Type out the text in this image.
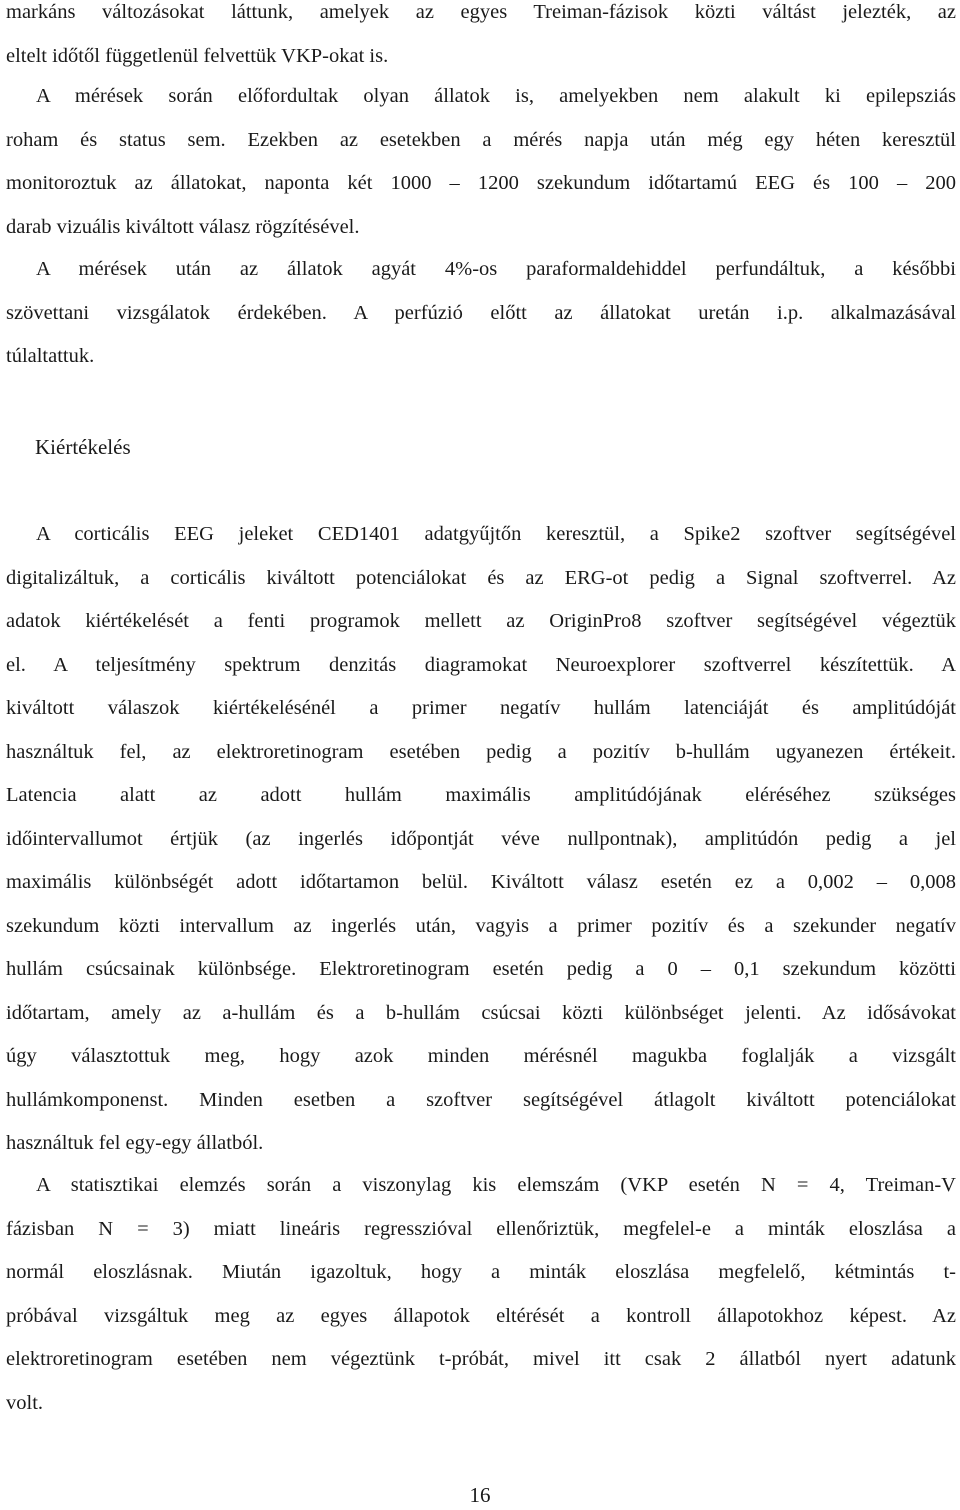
markáns változásokat láttunk, amelyek az egyes Treiman-fázisok közti váltást jelezték, az
eltelt időtől függetlenül felvettük VKP-okat is.

A mérések során előfordultak olyan állatok is, amelyekben nem alakult ki epilepsziás
roham és status sem. Ezekben az esetekben a mérés napja után még egy héten keresztül
monitoroztuk az állatokat, naponta két 1000 – 1200 szekundum időtartamú EEG és 100 – 200
darab vizuális kiváltott válasz rögzítésével.

A mérések után az állatok agyát 4%-os paraformaldehiddel perfundáltuk, a későbbi
szövettani vizsgálatok érdekében. A perfúzió előtt az állatokat uretán i.p. alkalmazásával
túlaltattuk.

Kiértékelés

A corticális EEG jeleket CED1401 adatgyűjtőn keresztül, a Spike2 szoftver segítségével
digitalizáltuk, a corticális kiváltott potenciálokat és az ERG-ot pedig a Signal szoftverrel. Az
adatok kiértékelését a fenti programok mellett az OriginPro8 szoftver segítségével végeztük
el. A teljesítmény spektrum denzitás diagramokat Neuroexplorer szoftverrel készítettük. A
kiváltott válaszok kiértékelésénél a primer negatív hullám latenciáját és amplitúdóját
használtuk fel, az elektroretinogram esetében pedig a pozitív b-hullám ugyanezen értékeit.
Latencia alatt az adott hullám maximális amplitúdójának eléréséhez szükséges
időintervallumot értjük (az ingerlés időpontját véve nullpontnak), amplitúdón pedig a jel
maximális különbségét adott időtartamon belül. Kiváltott válasz esetén ez a 0,002 – 0,008
szekundum közti intervallum az ingerlés után, vagyis a primer pozitív és a szekunder negatív
hullám csúcsainak különbsége. Elektroretinogram esetén pedig a 0 – 0,1 szekundum közötti
időtartam, amely az a-hullám és a b-hullám csúcsai közti különbséget jelenti. Az idősávokat
úgy választottuk meg, hogy azok minden mérésnél magukba foglalják a vizsgált
hullámkomponenst. Minden esetben a szoftver segítségével átlagolt kiváltott potenciálokat
használtuk fel egy-egy állatból.

A statisztikai elemzés során a viszonylag kis elemszám (VKP esetén N = 4, Treiman-V
fázisban N = 3) miatt lineáris regresszióval ellenőriztük, megfelel-e a minták eloszlása a
normál eloszlásnak. Miután igazoltuk, hogy a minták eloszlása megfelelő, kétmintás t-
próbával vizsgáltuk meg az egyes állapotok eltérését a kontroll állapotokhoz képest. Az
elektroretinogram esetében nem végeztünk t-próbát, mivel itt csak 2 állatból nyert adatunk
volt.

16
